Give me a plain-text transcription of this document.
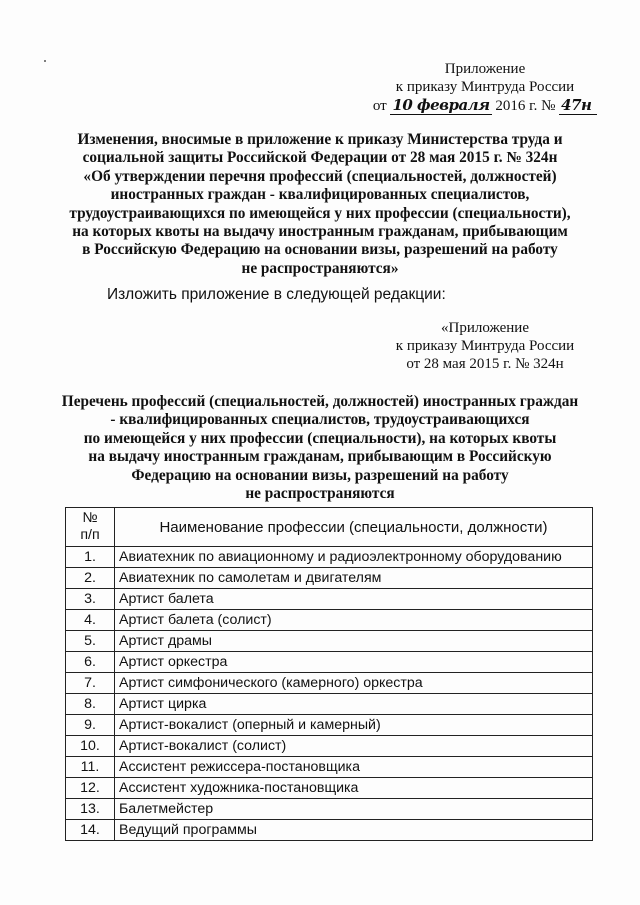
Приложение
к приказу Минтруда России
от 10 февраля 2016 г. № 47н
Изменения, вносимые в приложение к приказу Министерства труда и
социальной защиты Российской Федерации от 28 мая 2015 г. № 324н
«Об утверждении перечня профессий (специальностей, должностей)
иностранных граждан - квалифицированных специалистов,
трудоустраивающихся по имеющейся у них профессии (специальности),
на которых квоты на выдачу иностранным гражданам, прибывающим
в Российскую Федерацию на основании визы, разрешений на работу
не распространяются»
Изложить приложение в следующей редакции:
«Приложение
к приказу Минтруда России
от 28 мая 2015 г. № 324н
Перечень профессий (специальностей, должностей) иностранных граждан
- квалифицированных специалистов, трудоустраивающихся
по имеющейся у них профессии (специальности), на которых квоты
на выдачу иностранным гражданам, прибывающим в Российскую
Федерацию на основании визы, разрешений на работу
не распространяются
№
п/п	Наименование профессии (специальности, должности)
1.	Авиатехник по авиационному и радиоэлектронному оборудованию
2.	Авиатехник по самолетам и двигателям
3.	Артист балета
4.	Артист балета (солист)
5.	Артист драмы
6.	Артист оркестра
7.	Артист симфонического (камерного) оркестра
8.	Артист цирка
9.	Артист-вокалист (оперный и камерный)
10.	Артист-вокалист (солист)
11.	Ассистент режиссера-постановщика
12.	Ассистент художника-постановщика
13.	Балетмейстер
14.	Ведущий программы
